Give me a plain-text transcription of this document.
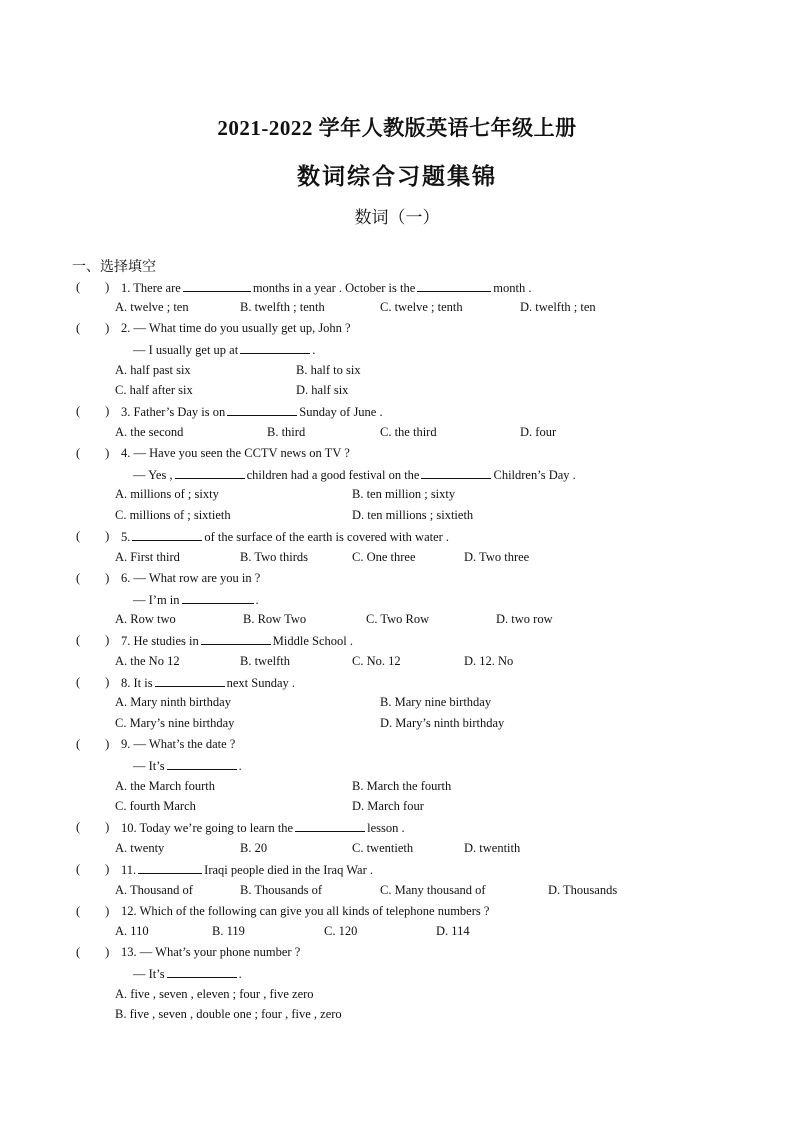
2021-2022 学年人教版英语七年级上册
数词综合习题集锦
数词（一）
一、选择填空
(　　) 1. There are	months in a year . October is the	month .
A. twelve ; ten	B. twelfth ; tenth	C. twelve ; tenth	D. twelfth ; ten
(　　) 2. — What time do you usually get up, John ?
— I usually get up at	.
A. half past six	B. half to six
C. half after six	D. half six
(　　) 3. Father’s Day is on	Sunday of June .
A. the second	B. third	C. the third	D. four
(　　) 4. — Have you seen the CCTV news on TV ?
— Yes ,	children had a good festival on the	Children’s Day .
A. millions of ; sixty	B. ten million ; sixty
C. millions of ; sixtieth	D. ten millions ; sixtieth
(　　) 5.	of the surface of the earth is covered with water .
A. First third	B. Two thirds	C. One three	D. Two three
(　　) 6. — What row are you in ?
— I’m in	.
A. Row two	B. Row Two	C. Two Row	D. two row
(　　) 7. He studies in	Middle School .
A. the No 12	B. twelfth	C. No. 12	D. 12. No
(　　) 8. It is	next Sunday .
A. Mary ninth birthday	B. Mary nine birthday
C. Mary’s nine birthday	D. Mary’s ninth birthday
(　　) 9. — What’s the date ?
— It’s	.
A. the March fourth	B. March the fourth
C. fourth March	D. March four
(　　) 10. Today we’re going to learn the	lesson .
A. twenty	B. 20	C. twentieth	D. twentith
(　　) 11.	Iraqi people died in the Iraq War .
A. Thousand of	B. Thousands of	C. Many thousand of	D. Thousands
(　　) 12. Which of the following can give you all kinds of telephone numbers ?
A. 110	B. 119	C. 120	D. 114
(　　) 13. — What’s your phone number ?
— It’s	.
A. five , seven , eleven ; four , five zero
B. five , seven , double one ; four , five , zero
